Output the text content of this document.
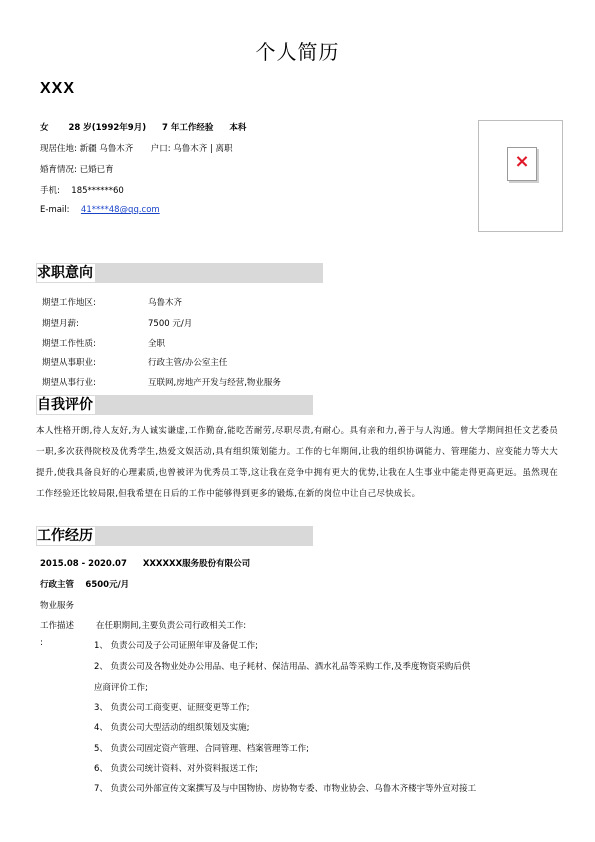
个人简历
XXX
女 28 岁(1992年9月) 7 年工作经验 本科
现居住地: 新疆 乌鲁木齐 户口: 乌鲁木齐 | 离职
婚育情况: 已婚已育
手机: 185******60
E-mail: 41****48@qq.com
×
求职意向
期望工作地区:	乌鲁木齐
期望月薪:	7500 元/月
期望工作性质:	全职
期望从事职业:	行政主管/办公室主任
期望从事行业:	互联网,房地产开发与经营,物业服务
自我评价
本人性格开朗,待人友好,为人诚实谦虚,工作勤奋,能吃苦耐劳,尽职尽责,有耐心。具有亲和力,善于与人沟通。曾大学期间担任文艺委员一职,多次获得院校及优秀学生,热爱文娱活动,具有组织策划能力。工作的七年期间,让我的组织协调能力、管理能力、应变能力等大大提升,使我具备良好的心理素质,也曾被评为优秀员工等,这让我在竞争中拥有更大的优势,让我在人生事业中能走得更高更远。虽然现在工作经验还比较局限,但我希望在日后的工作中能够得到更多的锻炼,在新的岗位中让自己尽快成长。
工作经历
2015.08 - 2020.07 XXXXXX服务股份有限公司
行政主管 6500元/月
物业服务
工作描述	在任职期间,主要负责公司行政相关工作:
:	1、 负责公司及子公司证照年审及备促工作;
2、 负责公司及各物业处办公用品、电子耗材、保洁用品、酒水礼品等采购工作,及季度物资采购后供
应商评价工作;
3、 负责公司工商变更、证照变更等工作;
4、 负责公司大型活动的组织策划及实施;
5、 负责公司固定资产管理、合同管理、档案管理等工作;
6、 负责公司统计资料、对外资料报送工作;
7、 负责公司外部宣传文案撰写及与中国物协、房协物专委、市物业协会、乌鲁木齐楼宇等外宣对接工
